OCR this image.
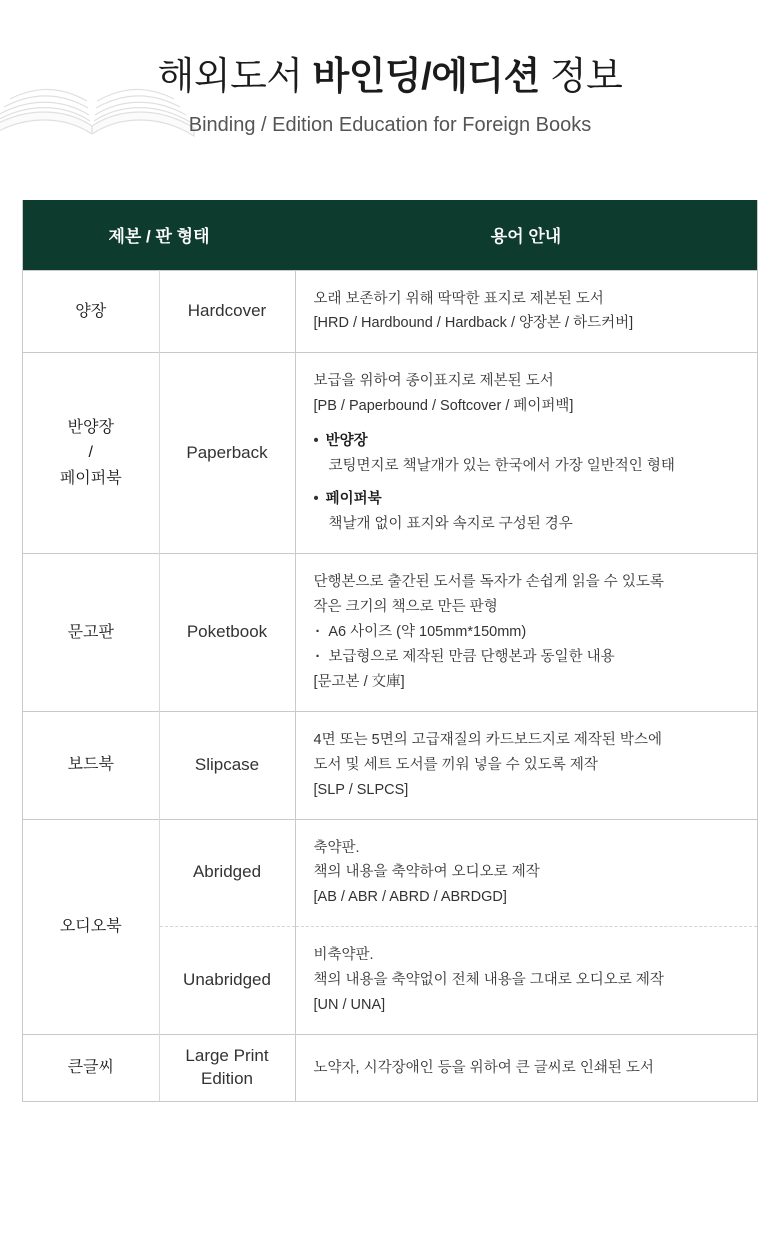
해외도서 바인딩/에디션 정보
Binding / Edition Education for Foreign Books
제본 / 판 형태		용어 안내
양장	Hardcover	오래 보존하기 위해 딱딱한 표지로 제본된 도서
[HRD / Hardbound / Hardback / 양장본 / 하드커버]

반양장
/
페이퍼북	Paperback	
보급을 위하여 종이표지로 제본된 도서
[PB / Paperbound / Softcover / 페이퍼백]
• 반양장
코팅면지로 책날개가 있는 한국에서 가장 일반적인 형태
• 페이퍼북
책날개 없이 표지와 속지로 구성된 경우

문고판	Poketbook	단행본으로 출간된 도서를 독자가 손쉽게 읽을 수 있도록
작은 크기의 책으로 만든 판형
· A6 사이즈 (약 105mm*150mm)
· 보급형으로 제작된 만큼 단행본과 동일한 내용
[문고본 / 文庫]

보드북	Slipcase	4면 또는 5면의 고급재질의 카드보드지로 제작된 박스에
도서 및 세트 도서를 끼워 넣을 수 있도록 제작
[SLP / SLPCS]

오디오북	Abridged	축약판.
책의 내용을 축약하여 오디오로 제작
[AB / ABR / ABRD / ABRDGD]

	Unabridged	비축약판.
책의 내용을 축약없이 전체 내용을 그대로 오디오로 제작
[UN / UNA]

큰글씨	Large Print
Edition	노약자, 시각장애인 등을 위하여 큰 글씨로 인쇄된 도서
